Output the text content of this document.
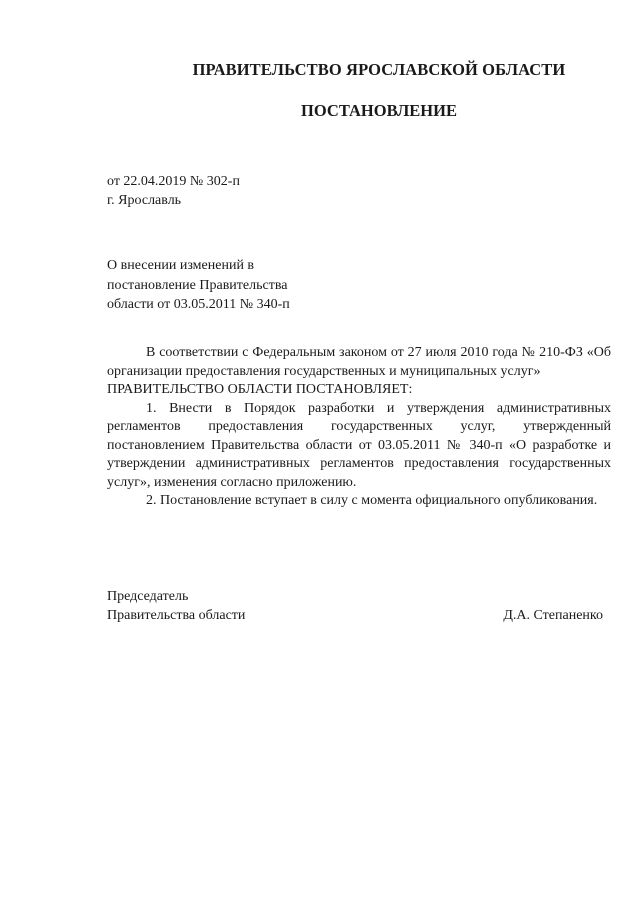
ПРАВИТЕЛЬСТВО ЯРОСЛАВСКОЙ ОБЛАСТИ
ПОСТАНОВЛЕНИЕ
от 22.04.2019 № 302-п
г. Ярославль
О внесении изменений в
постановление Правительства
области от 03.05.2011 № 340-п

В соответствии с Федеральным законом от 27 июля 2010 года № 210-ФЗ «Об организации предоставления государственных и муниципальных услуг»

ПРАВИТЕЛЬСТВО ОБЛАСТИ ПОСТАНОВЛЯЕТ:

1. Внести в Порядок разработки и утверждения административных регламентов предоставления государственных услуг, утвержденный постановлением Правительства области от 03.05.2011 № 340-п «О разработке и утверждении административных регламентов предоставления государственных услуг», изменения согласно приложению.

2. Постановление вступает в силу с момента официального опубликования.

Председатель
Правительства области	Д.А. Степаненко
